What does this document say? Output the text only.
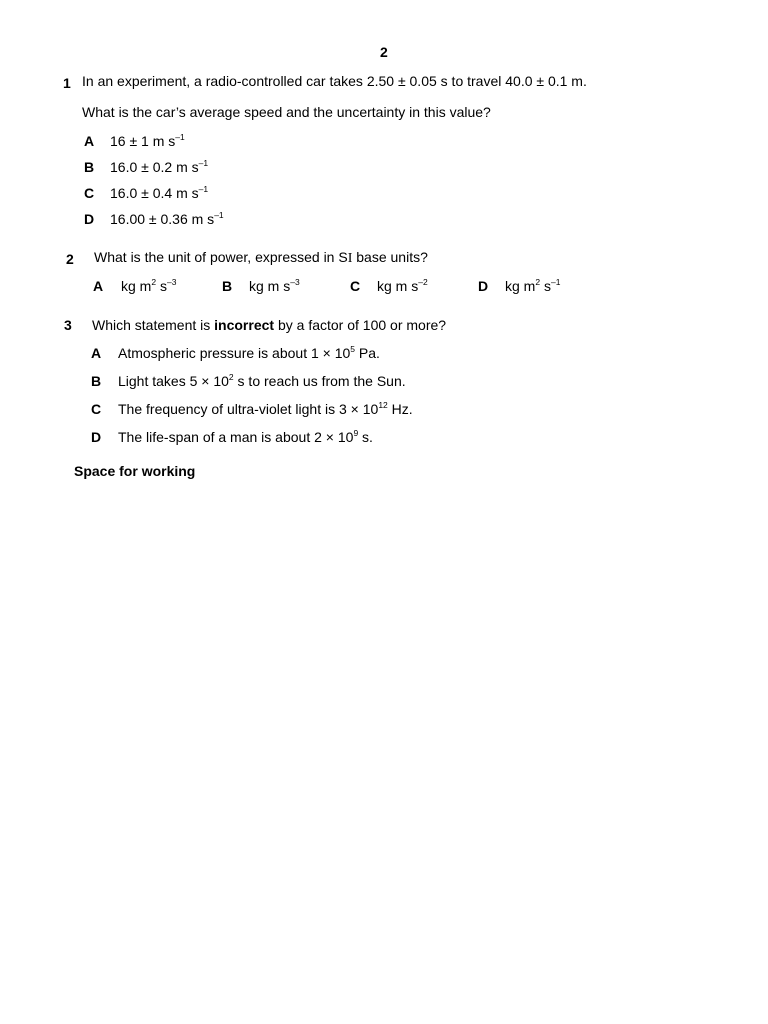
2
1 In an experiment, a radio-controlled car takes 2.50 ± 0.05 s to travel 40.0 ± 0.1 m.
What is the car’s average speed and the uncertainty in this value?
A 16 ± 1 m $s^{-1}$
B 16.0 ± 0.2 m $s^{-1}$
C 16.0 ± 0.4 m $s^{-1}$
D 16.00 ± 0.36 m $s^{-1}$
2 What is the unit of power, expressed in SI base units?
A kg $m^2$ $s^{-3}$	B kg m $s^{-3}$	C kg m $s^{-2}$	D kg $m^2$ $s^{-1}$
3 Which statement is incorrect by a factor of 100 or more?
A Atmospheric pressure is about $1 \times 10^5$ Pa.
B Light takes $5 \times 10^2$ s to reach us from the Sun.
C The frequency of ultra-violet light is $3 \times 10^{12}$ Hz.
D The life-span of a man is about $2 \times 10^9$ s.
Space for working
